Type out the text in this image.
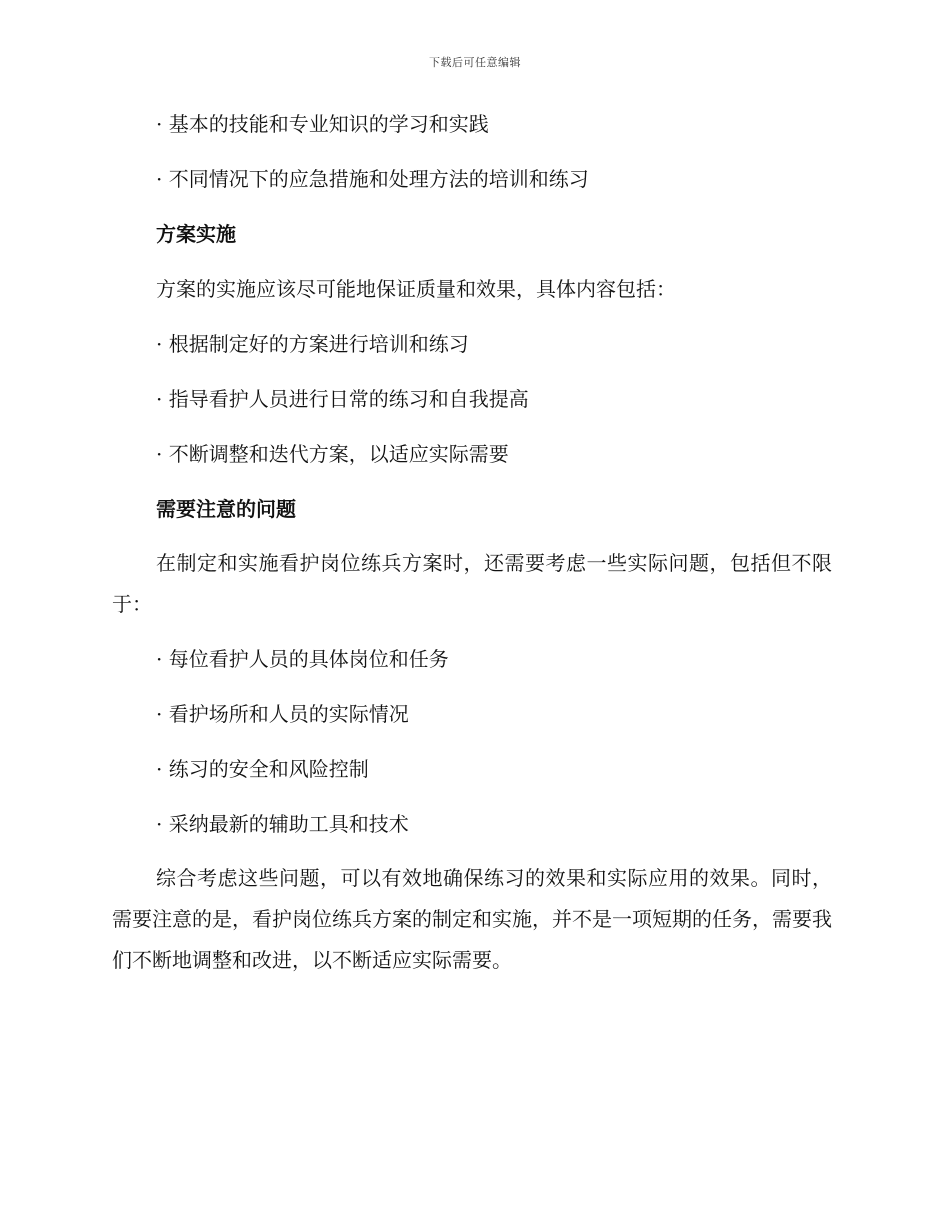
下载后可任意编辑
· 基本的技能和专业知识的学习和实践
· 不同情况下的应急措施和处理方法的培训和练习
方案实施
方案的实施应该尽可能地保证质量和效果，具体内容包括：
· 根据制定好的方案进行培训和练习
· 指导看护人员进行日常的练习和自我提高
· 不断调整和迭代方案，以适应实际需要
需要注意的问题
在制定和实施看护岗位练兵方案时，还需要考虑一些实际问题，包括但不限于：
· 每位看护人员的具体岗位和任务
· 看护场所和人员的实际情况
· 练习的安全和风险控制
· 采纳最新的辅助工具和技术
综合考虑这些问题，可以有效地确保练习的效果和实际应用的效果。同时，需要注意的是，看护岗位练兵方案的制定和实施，并不是一项短期的任务，需要我们不断地调整和改进，以不断适应实际需要。
